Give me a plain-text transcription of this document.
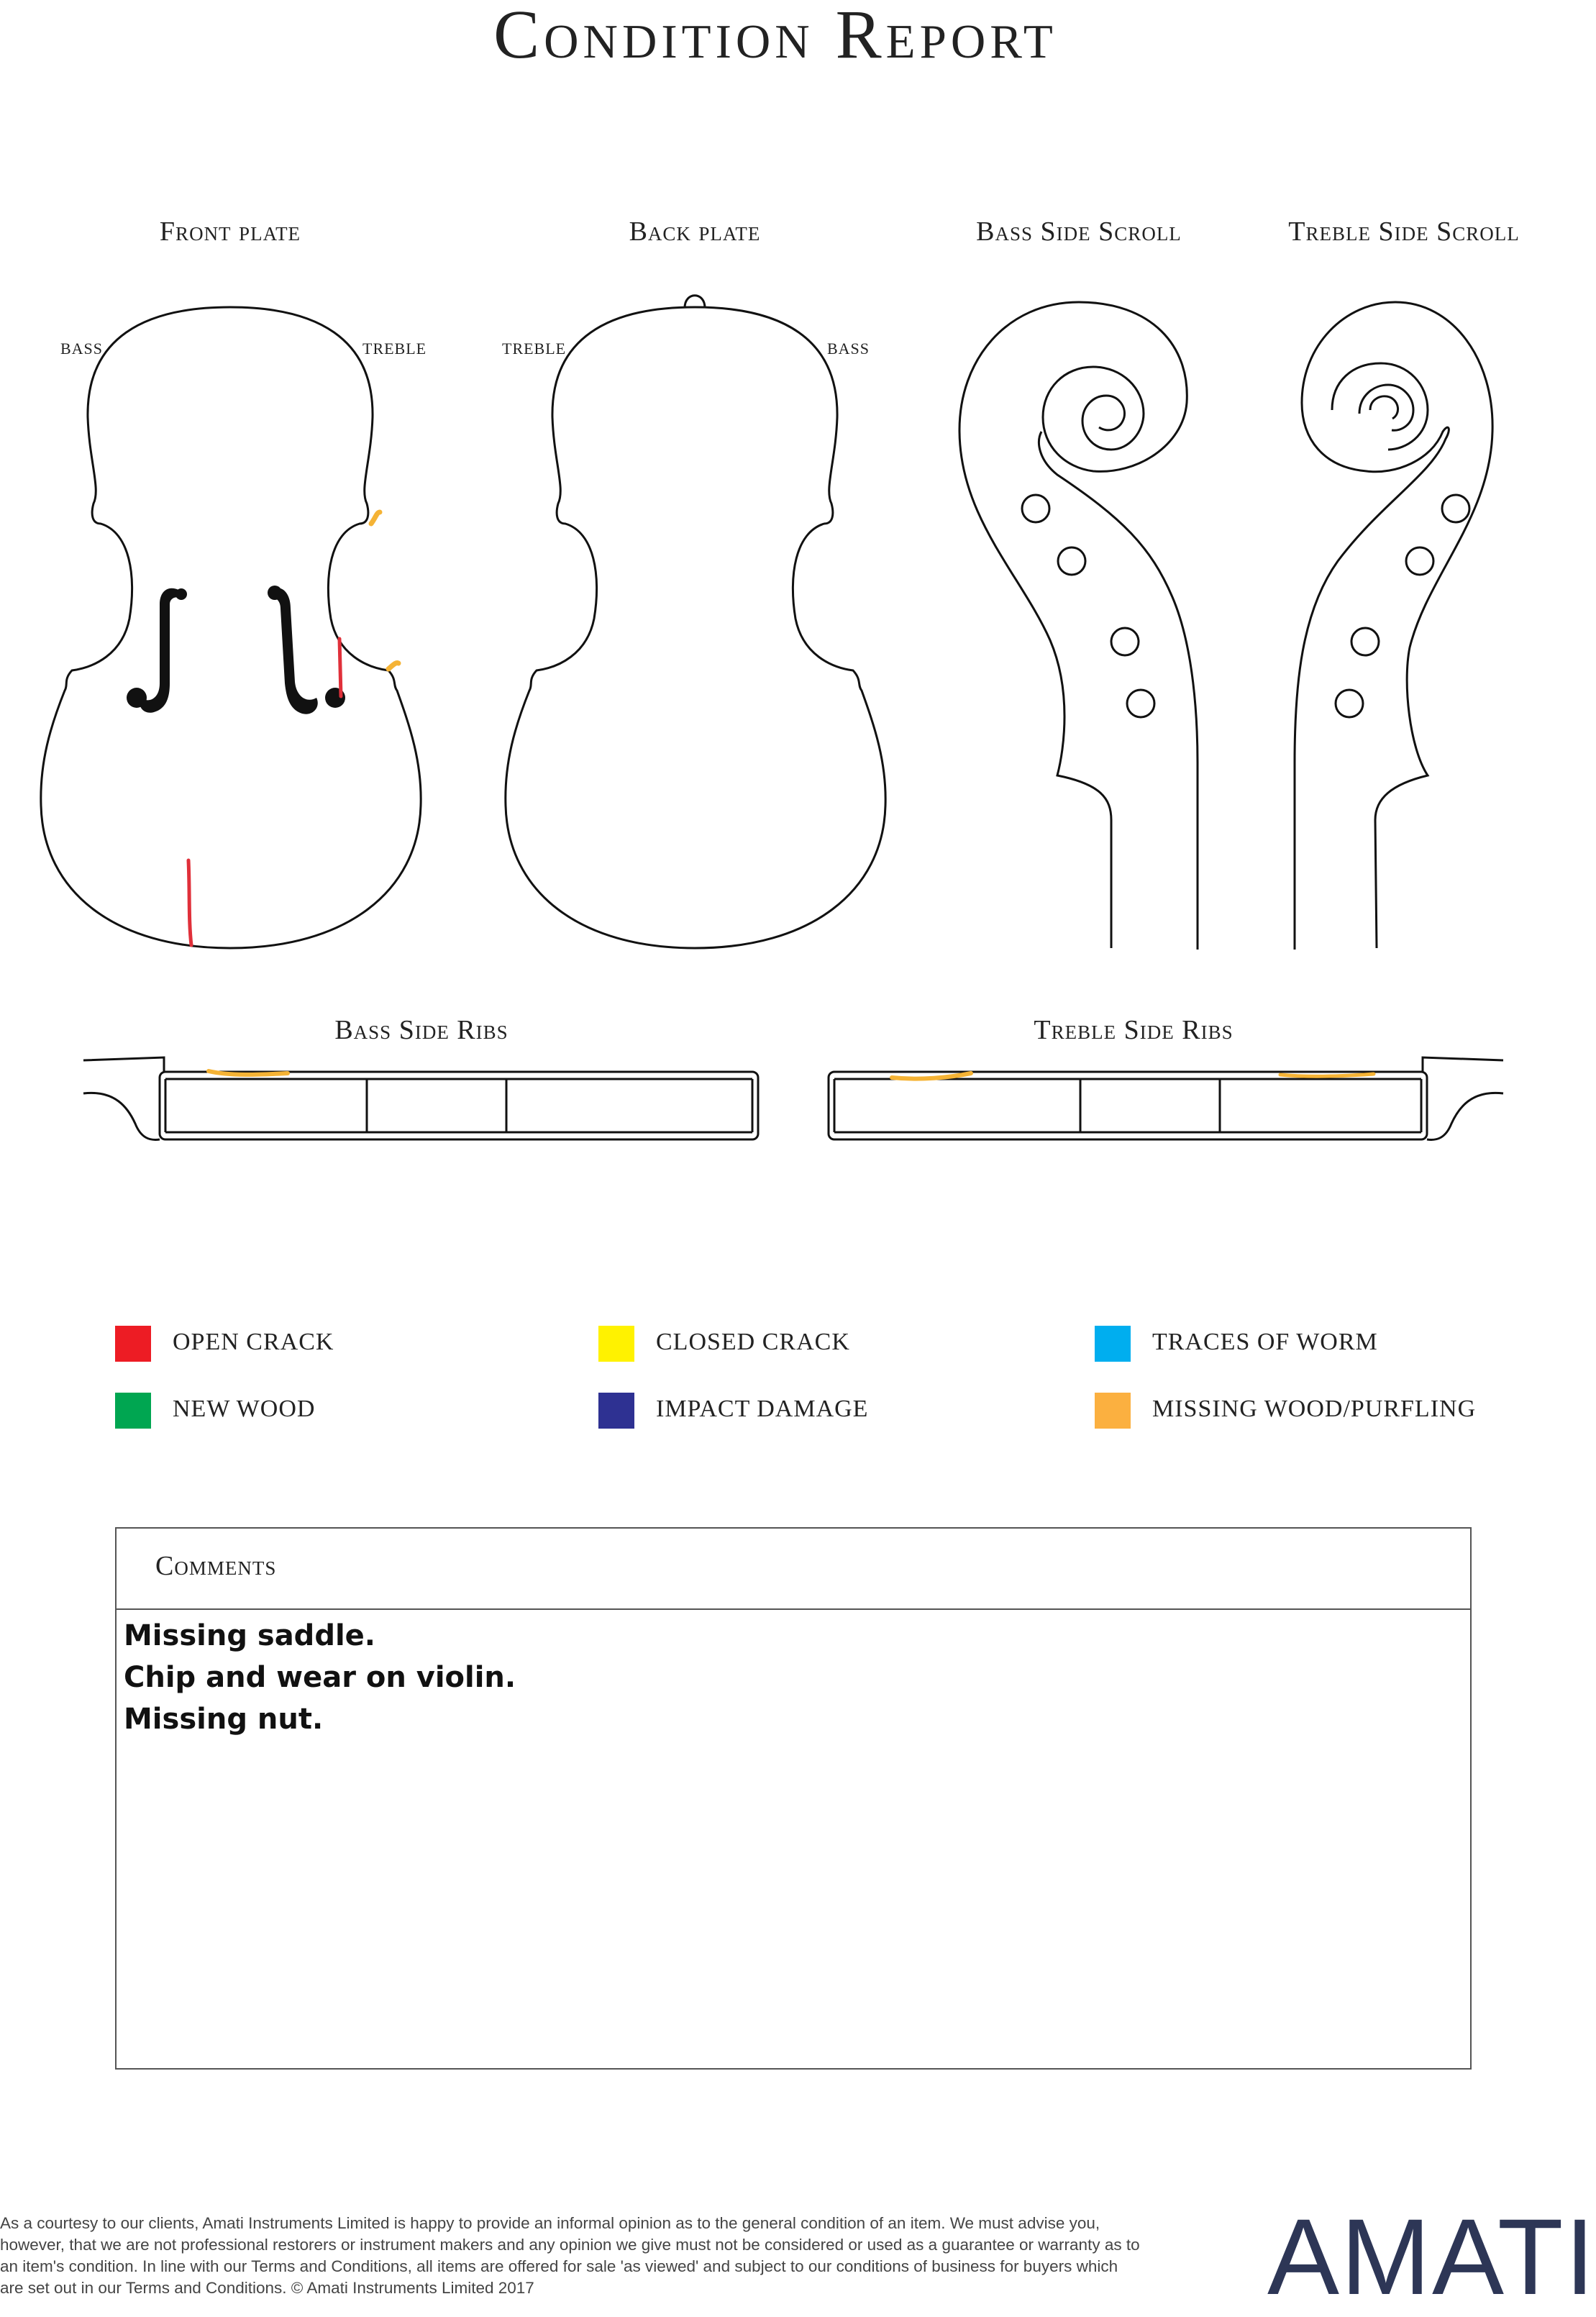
Condition Report
Front plate	Back plate	Bass Side Scroll	Treble Side Scroll
Bass Side Ribs	Treble Side Ribs
BASS	TREBLE	TREBLE	BASS
OPEN CRACK	CLOSED CRACK	TRACES OF WORM
NEW WOOD	IMPACT DAMAGE	MISSING WOOD/PURFLING
Comments
Missing saddle.
Chip and wear on violin.
Missing nut.
As a courtesy to our clients, Amati Instruments Limited is happy to provide an informal opinion as to the general condition of an item. We must advise you, however, that we are not professional restorers or instrument makers and any opinion we give must not be considered or used as a guarantee or warranty as to an item's condition. In line with our Terms and Conditions, all items are offered for sale 'as viewed' and subject to our conditions of business for buyers which are set out in our Terms and Conditions. © Amati Instruments Limited 2017	AMATI
